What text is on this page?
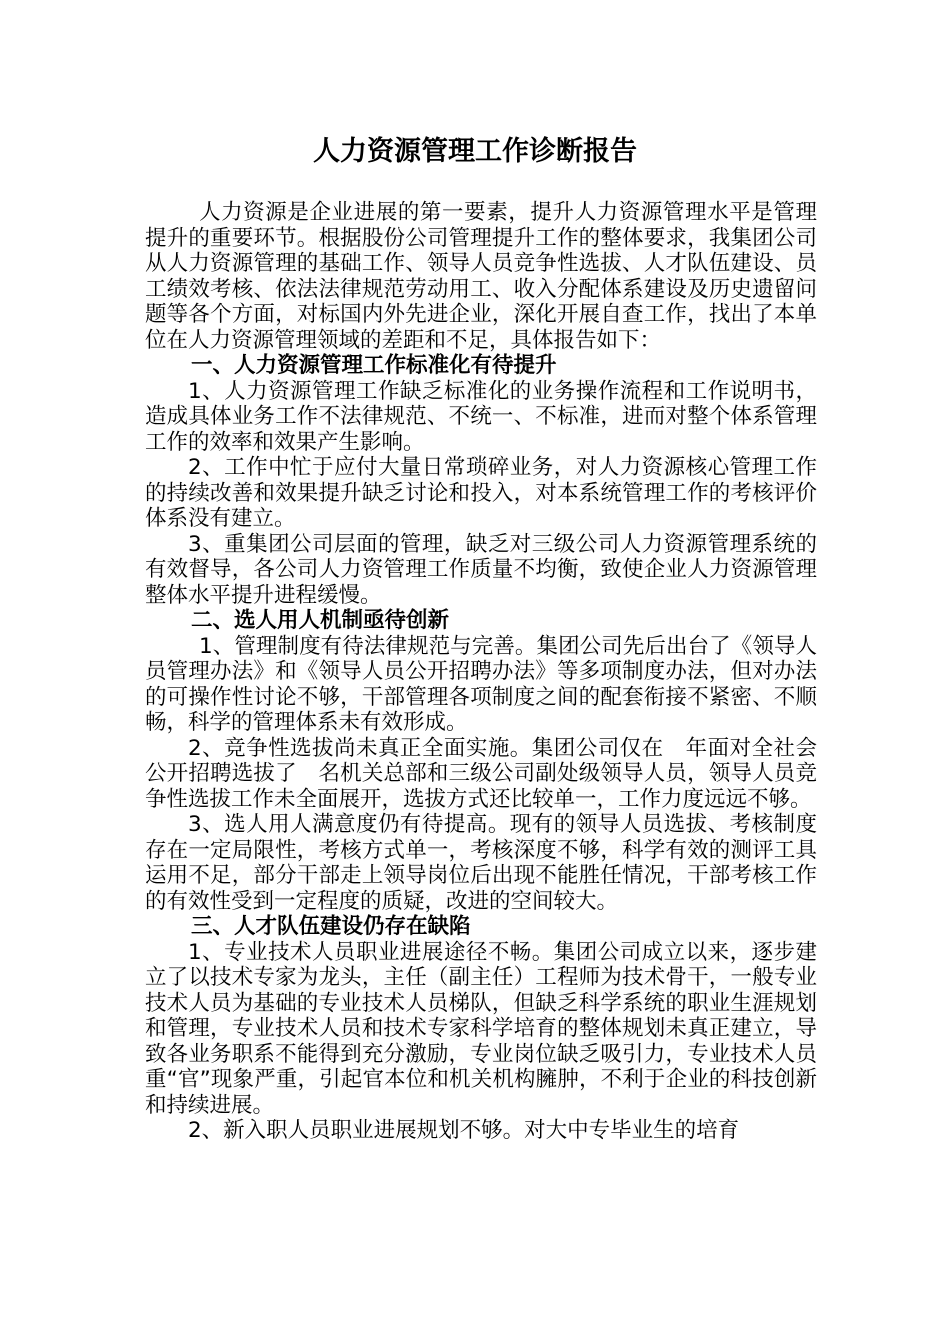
人力资源管理工作诊断报告

人力资源是企业进展的第一要素，提升人力资源管理水平是管理提升的重要环节。根据股份公司管理提升工作的整体要求，我集团公司从人力资源管理的基础工作、领导人员竞争性选拔、人才队伍建设、员工绩效考核、依法法律规范劳动用工、收入分配体系建设及历史遗留问题等各个方面，对标国内外先进企业，深化开展自查工作，找出了本单位在人力资源管理领域的差距和不足，具体报告如下：

一、人力资源管理工作标准化有待提升

1、人力资源管理工作缺乏标准化的业务操作流程和工作说明书，造成具体业务工作不法律规范、不统一、不标准，进而对整个体系管理工作的效率和效果产生影响。

2、工作中忙于应付大量日常琐碎业务，对人力资源核心管理工作的持续改善和效果提升缺乏讨论和投入，对本系统管理工作的考核评价体系没有建立。

3、重集团公司层面的管理，缺乏对三级公司人力资源管理系统的有效督导，各公司人力资管理工作质量不均衡，致使企业人力资源管理整体水平提升进程缓慢。

二、选人用人机制亟待创新

1、管理制度有待法律规范与完善。集团公司先后出台了《领导人员管理办法》和《领导人员公开招聘办法》等多项制度办法，但对办法的可操作性讨论不够，干部管理各项制度之间的配套衔接不紧密、不顺畅，科学的管理体系未有效形成。

2、竞争性选拔尚未真正全面实施。集团公司仅在　年面对全社会公开招聘选拔了　名机关总部和三级公司副处级领导人员，领导人员竞争性选拔工作未全面展开，选拔方式还比较单一，工作力度远远不够。

3、选人用人满意度仍有待提高。现有的领导人员选拔、考核制度存在一定局限性，考核方式单一，考核深度不够，科学有效的测评工具运用不足，部分干部走上领导岗位后出现不能胜任情况，干部考核工作的有效性受到一定程度的质疑，改进的空间较大。

三、人才队伍建设仍存在缺陷

1、专业技术人员职业进展途径不畅。集团公司成立以来，逐步建立了以技术专家为龙头，主任（副主任）工程师为技术骨干，一般专业技术人员为基础的专业技术人员梯队，但缺乏科学系统的职业生涯规划和管理，专业技术人员和技术专家科学培育的整体规划未真正建立，导致各业务职系不能得到充分激励，专业岗位缺乏吸引力，专业技术人员重“官”现象严重，引起官本位和机关机构臃肿，不利于企业的科技创新和持续进展。

2、新入职人员职业进展规划不够。对大中专毕业生的培育
